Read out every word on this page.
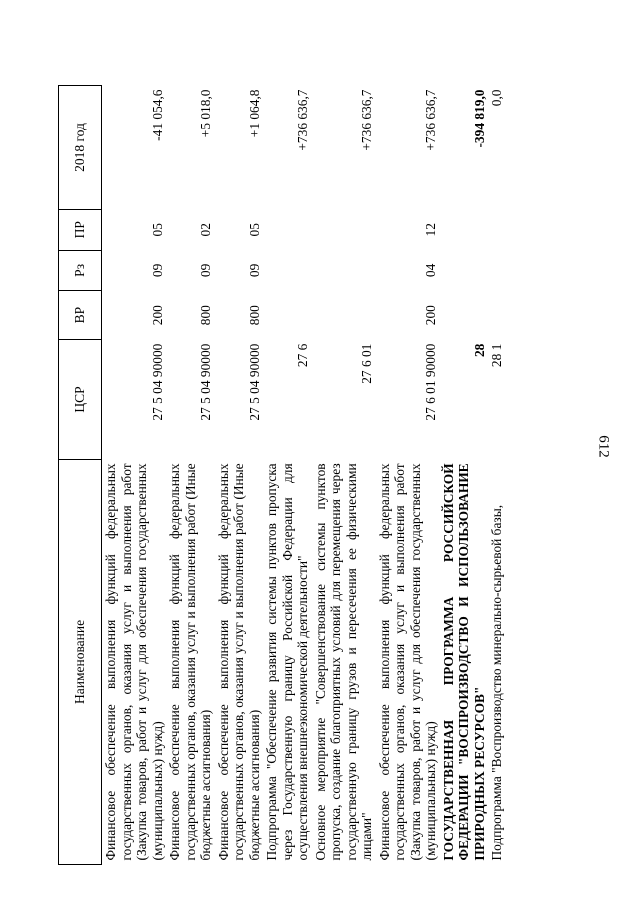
612
Наименование	ЦСР	ВР	Рз	ПР	2018 год
Финансовое обеспечение выполнения функций федеральных государственных органов, оказания услуг и выполнения работ (Закупка товаров, работ и услуг для обеспечения государственных (муниципальных) нужд)	27 5 04 90000	200	09	05	-41 054,6
Финансовое обеспечение выполнения функций федеральных государственных органов, оказания услуг и выполнения работ (Иные бюджетные ассигнования)	27 5 04 90000	800	09	02	+5 018,0
Финансовое обеспечение выполнения функций федеральных государственных органов, оказания услуг и выполнения работ (Иные бюджетные ассигнования)	27 5 04 90000	800	09	05	+1 064,8
Подпрограмма "Обеспечение развития системы пунктов пропуска через Государственную границу Российской Федерации для осуществления внешнеэкономической деятельности"	27 6				+736 636,7
Основное мероприятие "Совершенствование системы пунктов пропуска, создание благоприятных условий для перемещения через государственную границу грузов и пересечения ее физическими лицами"	27 6 01				+736 636,7
Финансовое обеспечение выполнения функций федеральных государственных органов, оказания услуг и выполнения работ (Закупка товаров, работ и услуг для обеспечения государственных (муниципальных) нужд)	27 6 01 90000	200	04	12	+736 636,7
ГОСУДАРСТВЕННАЯ ПРОГРАММА РОССИЙСКОЙ ФЕДЕРАЦИИ "ВОСПРОИЗВОДСТВО И ИСПОЛЬЗОВАНИЕ ПРИРОДНЫХ РЕСУРСОВ"	28				-394 819,0
Подпрограмма "Воспроизводство минерально-сырьевой базы,	28 1				0,0
